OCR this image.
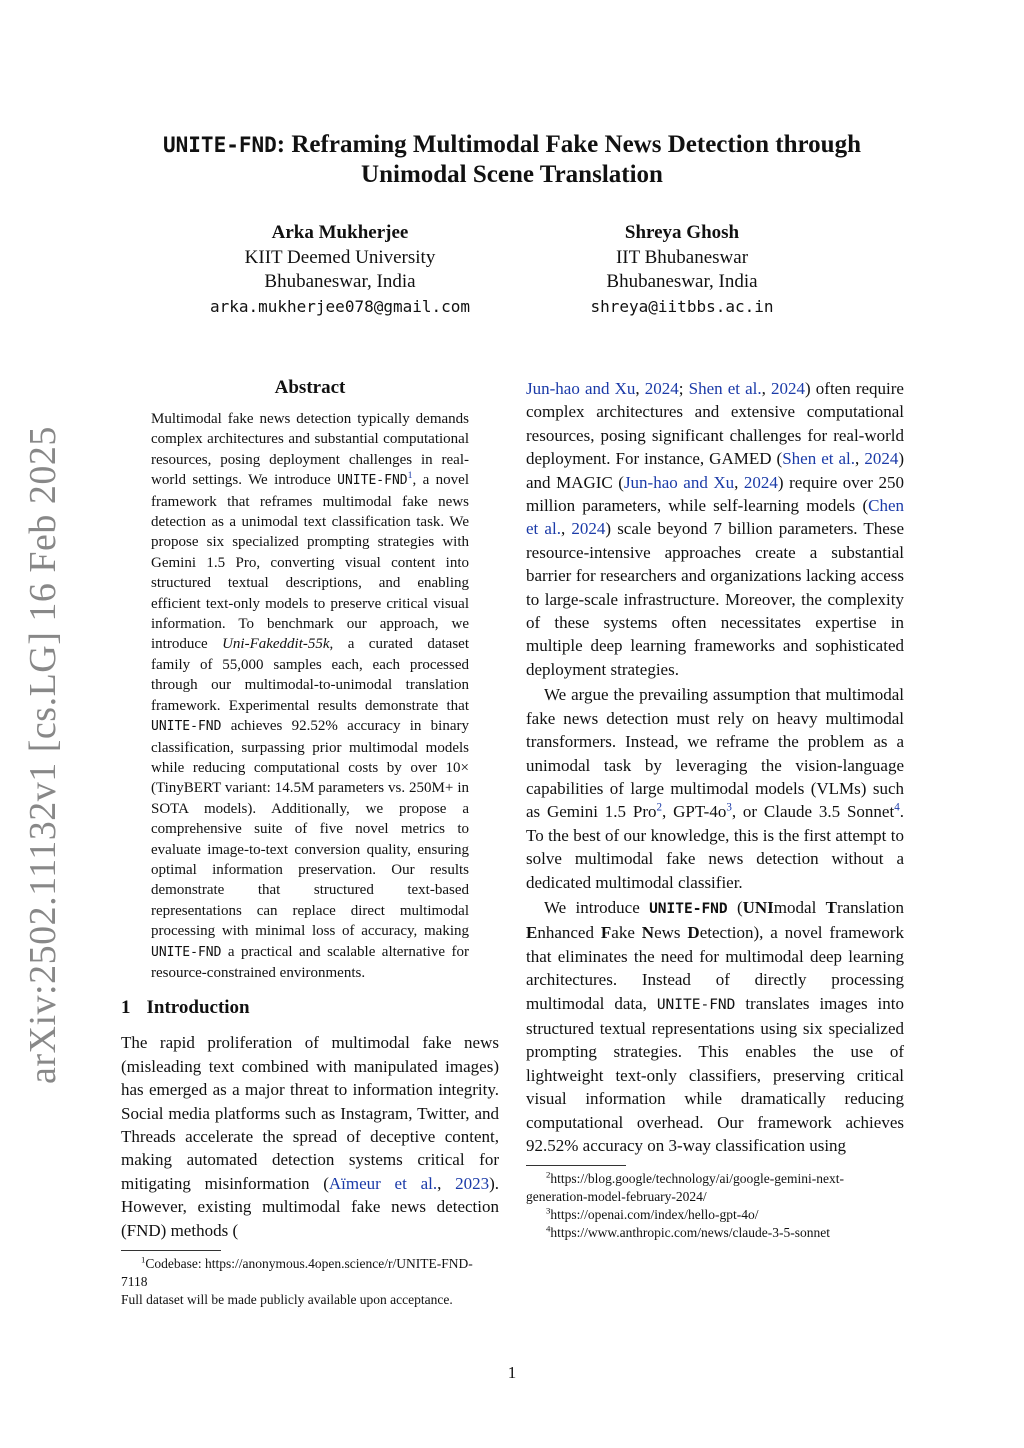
arXiv:2502.11132v1 [cs.LG] 16 Feb 2025
UNITE-FND: Reframing Multimodal Fake News Detection through
Unimodal Scene Translation
Arka Mukherjee
KIIT Deemed University
Bhubaneswar, India
arka.mukherjee078@gmail.com
Shreya Ghosh
IIT Bhubaneswar
Bhubaneswar, India
shreya@iitbbs.ac.in
Abstract

Multimodal fake news detection typically demands complex architectures and substantial computational resources, posing deployment challenges in real-world settings. We introduce UNITE-FND$^1$, a novel framework that reframes multimodal fake news detection as a unimodal text classification task. We propose six specialized prompting strategies with Gemini 1.5 Pro, converting visual content into structured textual descriptions, and enabling efficient text-only models to preserve critical visual information. To benchmark our approach, we introduce Uni-Fakeddit-55k, a curated dataset family of 55,000 samples each, each processed through our multimodal-to-unimodal translation framework. Experimental results demonstrate that UNITE-FND achieves 92.52% accuracy in binary classification, surpassing prior multimodal models while reducing computational costs by over 10× (TinyBERT variant: 14.5M parameters vs. 250M+ in SOTA models). Additionally, we propose a comprehensive suite of five novel metrics to evaluate image-to-text conversion quality, ensuring optimal information preservation. Our results demonstrate that structured text-based representations can replace direct multimodal processing with minimal loss of accuracy, making UNITE-FND a practical and scalable alternative for resource-constrained environments.

1 Introduction

The rapid proliferation of multimodal fake news (misleading text combined with manipulated images) has emerged as a major threat to information integrity. Social media platforms such as Instagram, Twitter, and Threads accelerate the spread of deceptive content, making automated detection systems critical for mitigating misinformation (Aïmeur et al., 2023). However, existing multimodal fake news detection (FND) methods (

$^1$Codebase: https://anonymous.4open.science/r/UNITE-FND-7118

Full dataset will be made publicly available upon acceptance.

Jun-hao and Xu, 2024; Shen et al., 2024) often require complex architectures and extensive computational resources, posing significant challenges for real-world deployment. For instance, GAMED (Shen et al., 2024) and MAGIC (Jun-hao and Xu, 2024) require over 250 million parameters, while self-learning models (Chen et al., 2024) scale beyond 7 billion parameters. These resource-intensive approaches create a substantial barrier for researchers and organizations lacking access to large-scale infrastructure. Moreover, the complexity of these systems often necessitates expertise in multiple deep learning frameworks and sophisticated deployment strategies.

We argue the prevailing assumption that multimodal fake news detection must rely on heavy multimodal transformers. Instead, we reframe the problem as a unimodal task by leveraging the vision-language capabilities of large multimodal models (VLMs) such as Gemini 1.5 Pro$^2$, GPT-$4o^3$, or Claude 3.5 Sonnet$^4$. To the best of our knowledge, this is the first attempt to solve multimodal fake news detection without a dedicated multimodal classifier.

We introduce UNITE-FND (UNImodal Translation Enhanced Fake News Detection), a novel framework that eliminates the need for multimodal deep learning architectures. Instead of directly processing multimodal data, UNITE-FND translates images into structured textual representations using six specialized prompting strategies. This enables the use of lightweight text-only classifiers, preserving critical visual information while dramatically reducing computational overhead. Our framework achieves 92.52% accuracy on 3-way classification using

$^2$https://blog.google/technology/ai/google-gemini-next-generation-model-february-2024/

$^3$https://openai.com/index/hello-gpt-4o/

$^4$https://www.anthropic.com/news/claude-3-5-sonnet

1
